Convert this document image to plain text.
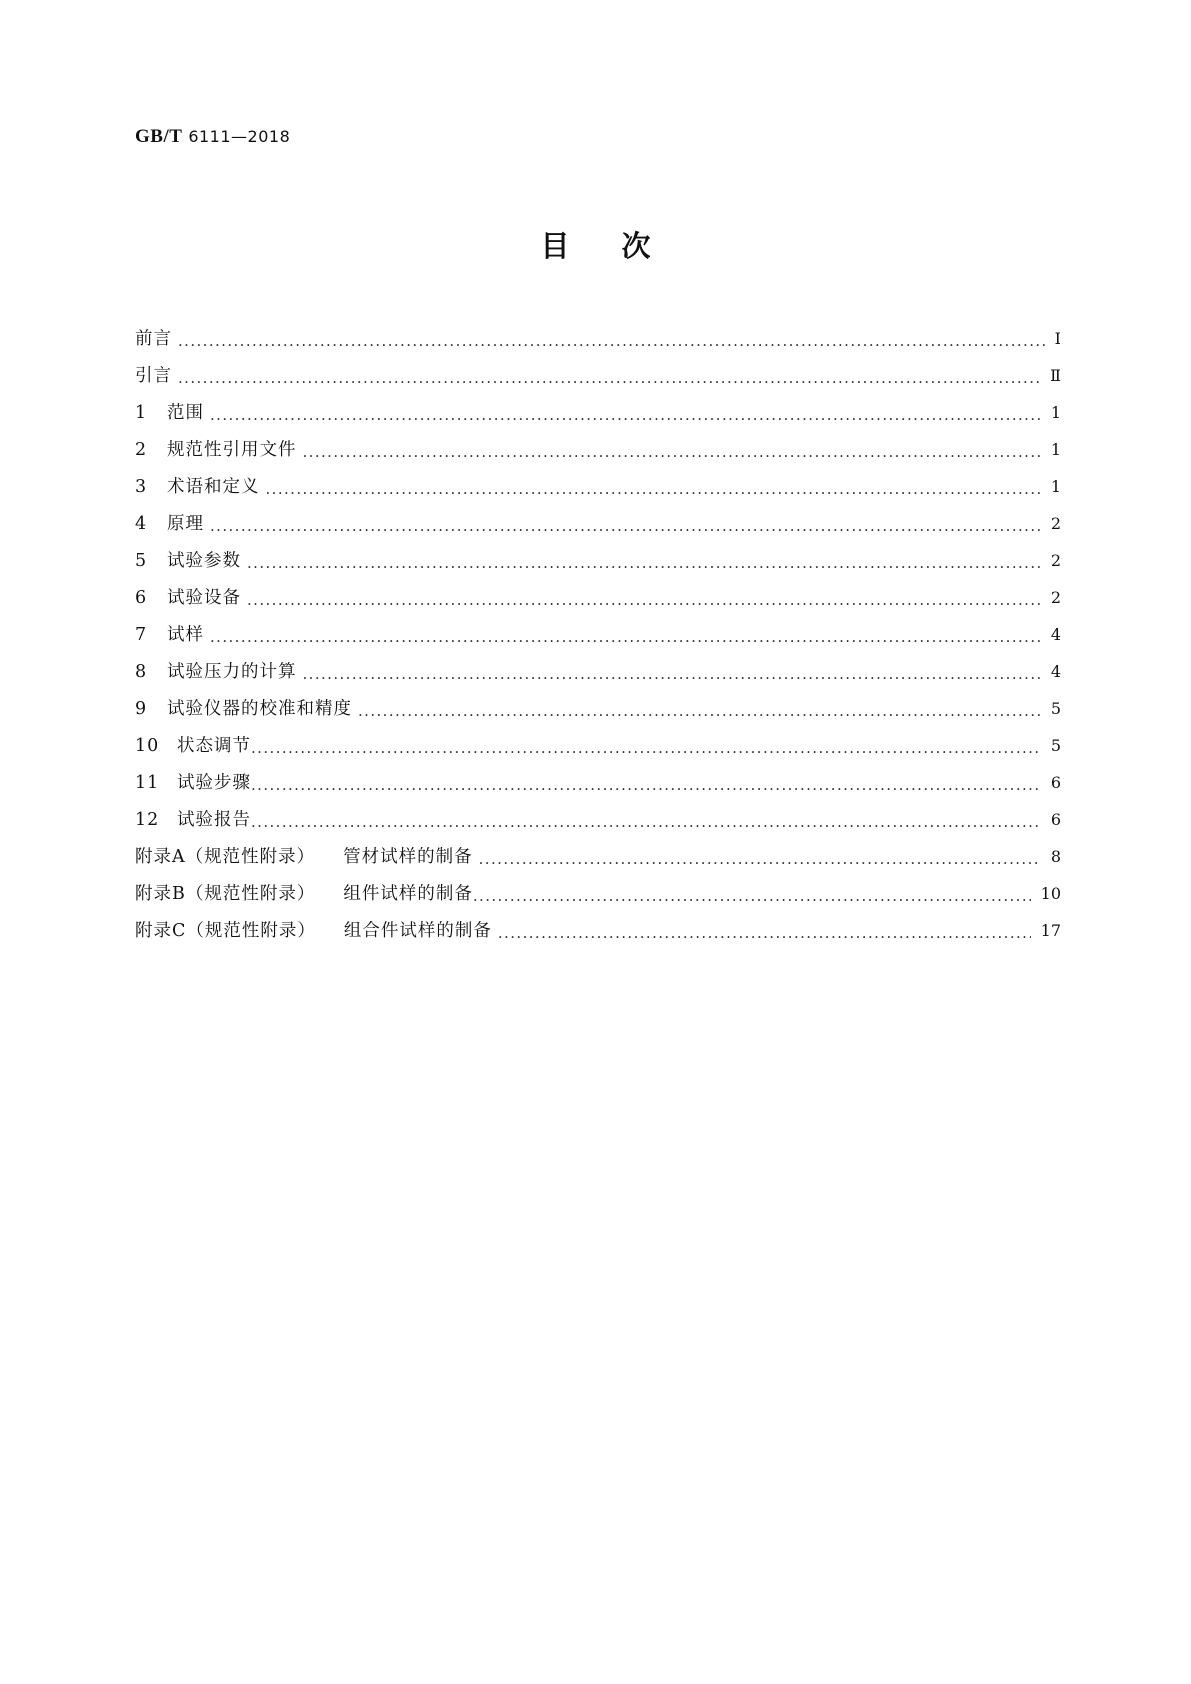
GB/T 6111—2018
目次
前言 ·····	Ⅰ
引言 ·····	Ⅱ
1	范围 ·····	1
2	规范性引用文件 ·····	1
3	术语和定义 ·····	1
4	原理 ·····	2
5	试验参数 ·····	2
6	试验设备 ·····	2
7	试样 ·····	4
8	试验压力的计算 ·····	4
9	试验仪器的校准和精度 ·····	5
10	状态调节 ·····	5
11	试验步骤 ·····	6
12	试验报告 ·····	6
附录A（规范性附录） 管材试样的制备 ·····	8
附录B（规范性附录） 组件试样的制备 ·····	10
附录C（规范性附录） 组合件试样的制备 ·····	17
